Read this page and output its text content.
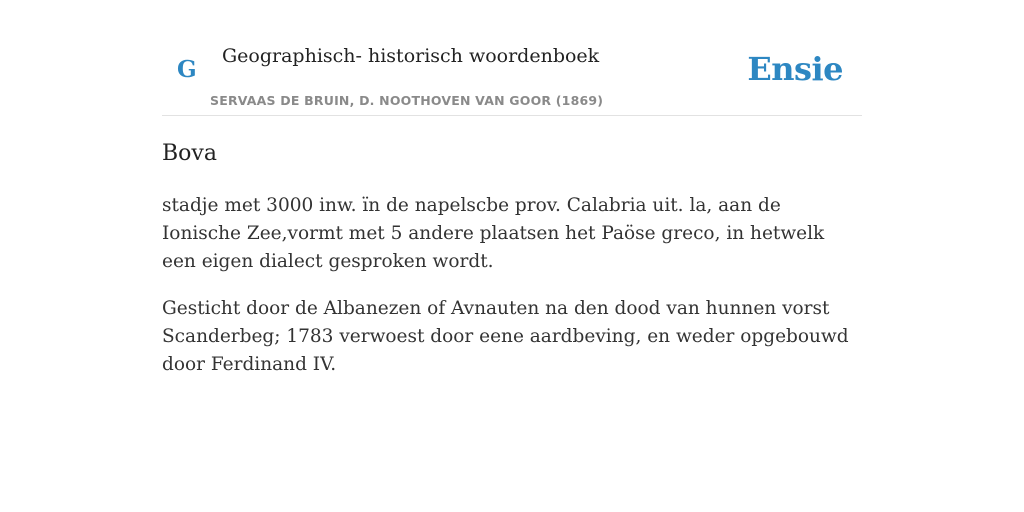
G Geographisch- historisch woordenboek
SERVAAS DE BRUIN, D. NOOTHOVEN VAN GOOR (1869)
Ensie
Bova

stadje met 3000 inw. ïn de napelscbe prov. Calabria uit. la, aan de Ionische Zee,vormt met 5 andere plaatsen het Paöse greco, in hetwelk een eigen dialect gesproken wordt.

Gesticht door de Albanezen of Avnauten na den dood van hunnen vorst Scanderbeg; 1783 verwoest door eene aardbeving, en weder opgebouwd door Ferdinand IV.
